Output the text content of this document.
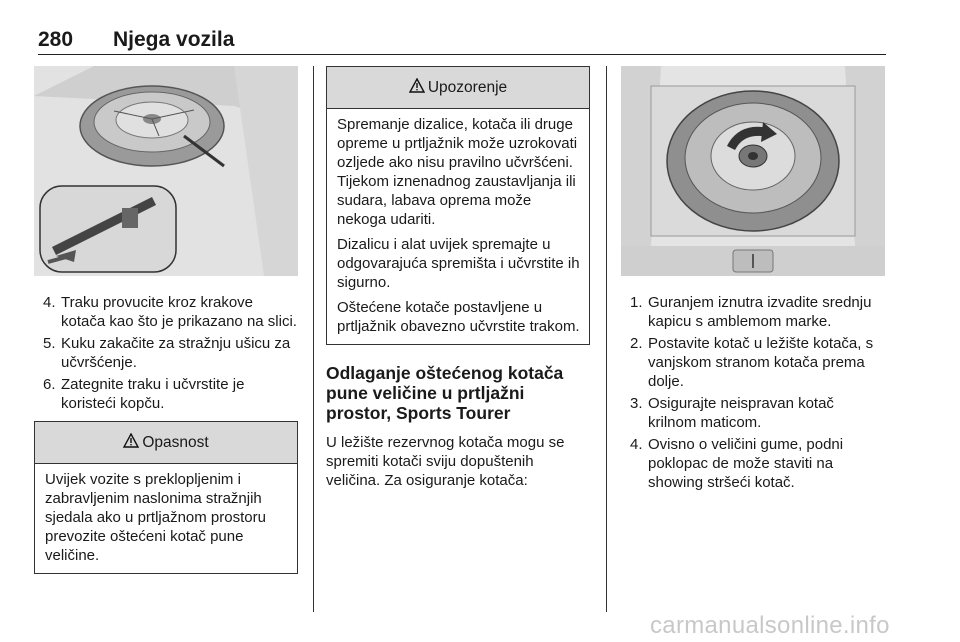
280 Njega vozila
4. Traku provucite kroz krakove kotača kao što je prikazano na slici.
5. Kuku zakačite za stražnju ušicu za učvršćenje.
6. Zategnite traku i učvrstite je koristeći kopču.
Opasnost

Uvijek vozite s preklopljenim i zabravljenim naslonima stražnjih sjedala ako u prtljažnom prostoru prevozite oštećeni kotač pune veličine.

Upozorenje

Spremanje dizalice, kotača ili druge opreme u prtljažnik može uzrokovati ozljede ako nisu pravilno učvršćeni. Tijekom iznenadnog zaustavljanja ili sudara, labava oprema može nekoga udariti.

Dizalicu i alat uvijek spremajte u odgovarajuća spremišta i učvrstite ih sigurno.

Oštećene kotače postavljene u prtljažnik obavezno učvrstite trakom.

Odlaganje oštećenog kotača pune veličine u prtljažni prostor, Sports Tourer

U ležište rezervnog kotača mogu se spremiti kotači sviju dopuštenih veličina. Za osiguranje kotača:

1. Guranjem iznutra izvadite srednju kapicu s amblemom marke.
2. Postavite kotač u ležište kotača, s vanjskom stranom kotača prema dolje.
3. Osigurajte neispravan kotač krilnom maticom.
4. Ovisno o veličini gume, podni poklopac de može staviti na showing stršeći kotač.
carmanualsonline.info
